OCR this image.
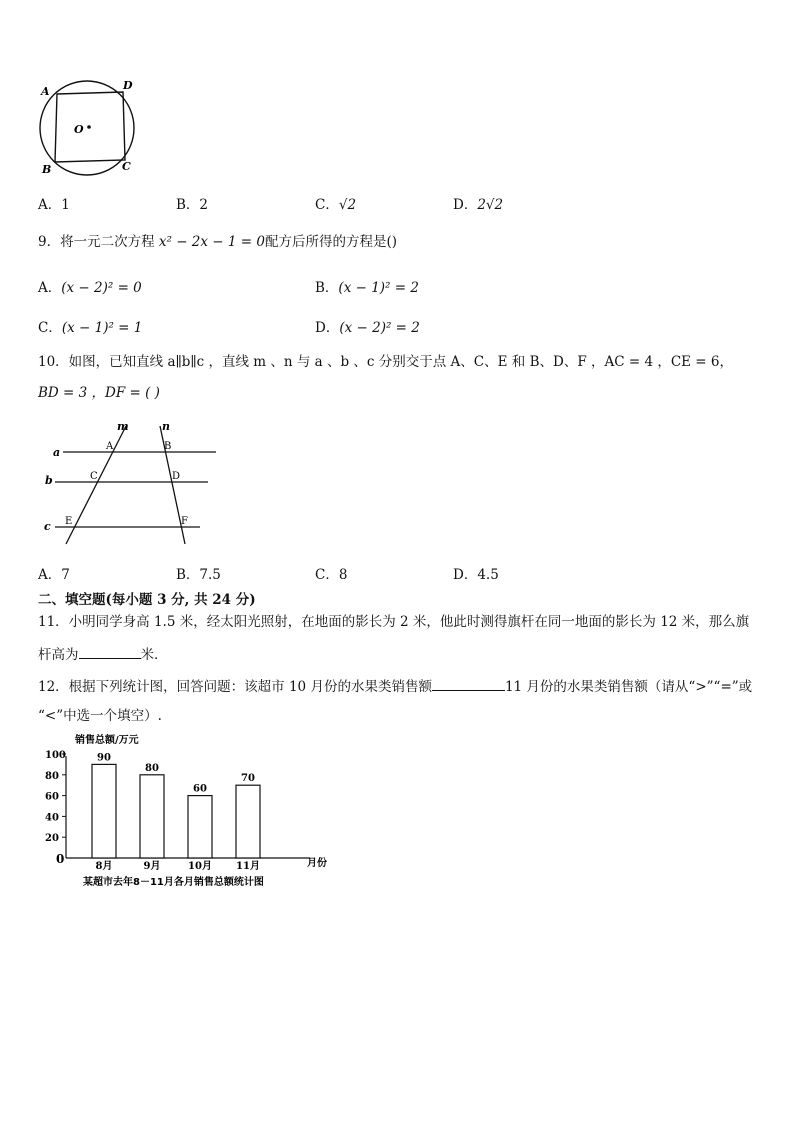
A	D
B	C
O
A．1	B．2	C．√2	D．2√2
9．将一元二次方程 x² − 2x − 1 = 0配方后所得的方程是()
A．(x − 2)² = 0	B．(x − 1)² = 2
C．(x − 1)² = 1	D．(x − 2)² = 2
10．如图，已知直线 a∥b∥c ，直线 m 、n 与 a 、b 、c 分别交于点 A、C、E 和 B、D、F ，AC = 4 ，CE = 6，
BD = 3 ，DF = ( )
m	n
a
b
c
A	B
C	D
E	F
A．7	B．7.5	C．8	D．4.5
二、填空题(每小题 3 分, 共 24 分)
11．小明同学身高 1.5 米，经太阳光照射，在地面的影长为 2 米，他此时测得旗杆在同一地面的影长为 12 米，那么旗
杆高为	米．
12．根据下列统计图，回答问题：该超市 10 月份的水果类销售额	11 月份的水果类销售额（请从“>”“=”或
“<”中选一个填空）.
销售总额/万元
月份
0
20
40
60
80
100	90
8月
80
9月
60
10月
70
11月
某超市去年8－11月各月销售总额统计图
